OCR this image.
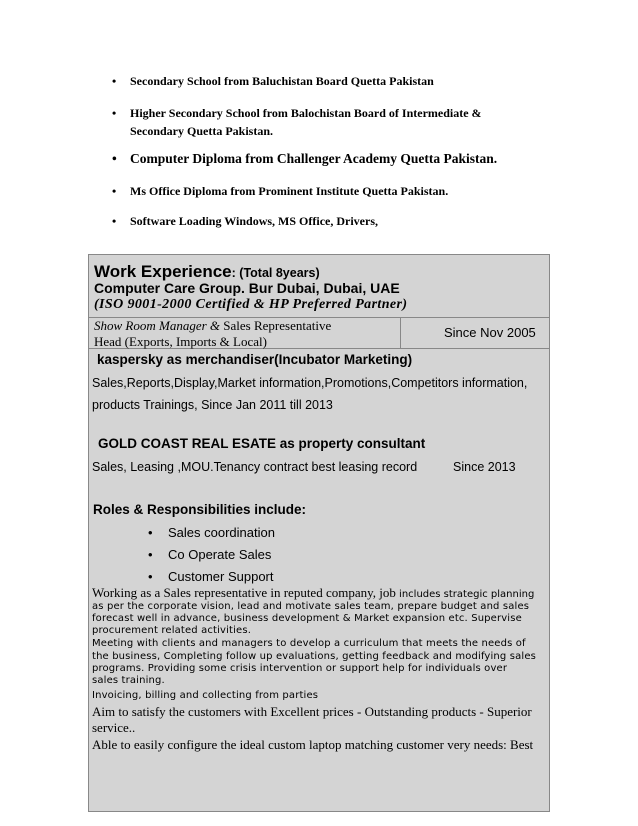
• Secondary School from Baluchistan Board Quetta Pakistan
• Higher Secondary School from Balochistan Board of Intermediate & Secondary Quetta Pakistan.
• Computer Diploma from Challenger Academy Quetta Pakistan.
• Ms Office Diploma from Prominent Institute Quetta Pakistan.
• Software Loading Windows, MS Office, Drivers,
Work Experience: (Total 8years)
Computer Care Group. Bur Dubai, Dubai, UAE
(ISO 9001-2000 Certified & HP Preferred Partner)
Show Room Manager & Sales Representative
Head (Exports, Imports & Local)
Since Nov 2005
kaspersky as merchandiser(Incubator Marketing)
Sales,Reports,Display,Market information,Promotions,Competitors information,
products Trainings, Since Jan 2011 till 2013
GOLD COAST REAL ESATE as property consultant
Sales, Leasing ,MOU.Tenancy contract best leasing record	Since 2013
Roles & Responsibilities include:
• Sales coordination
• Co Operate Sales
• Customer Support
Working as a Sales representative in reputed company, job includes strategic planning
as per the corporate vision, lead and motivate sales team, prepare budget and sales
forecast well in advance, business development & Market expansion etc. Supervise
procurement related activities.
Meeting with clients and managers to develop a curriculum that meets the needs of
the business, Completing follow up evaluations, getting feedback and modifying sales
programs. Providing some crisis intervention or support help for individuals over
sales training.
Invoicing, billing and collecting from parties
Aim to satisfy the customers with Excellent prices - Outstanding products - Superior
service..
Able to easily configure the ideal custom laptop matching customer very needs: Best
